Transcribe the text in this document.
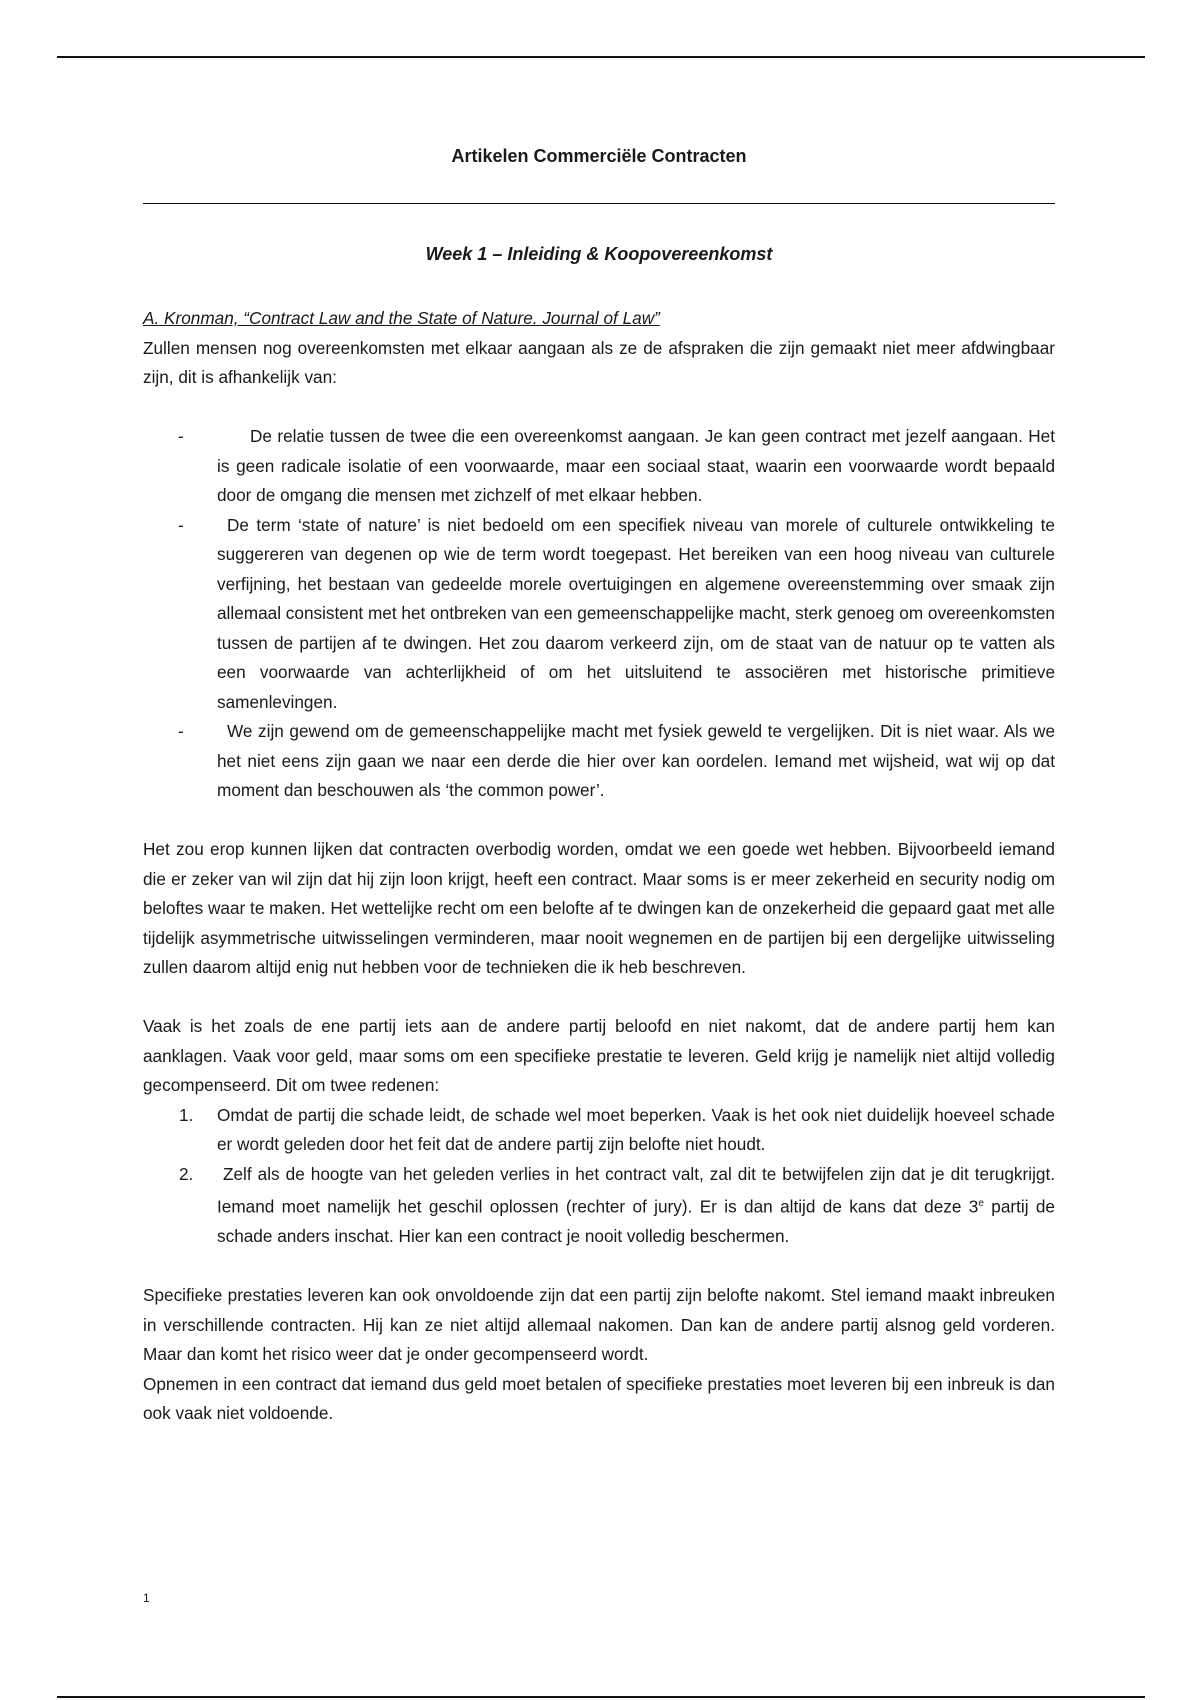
Artikelen Commerciële Contracten
Week 1 – Inleiding & Koopovereenkomst

A. Kronman, “Contract Law and the State of Nature. Journal of Law”

Zullen mensen nog overeenkomsten met elkaar aangaan als ze de afspraken die zijn gemaakt niet meer afdwingbaar zijn, dit is afhankelijk van:

-	De relatie tussen de twee die een overeenkomst aangaan. Je kan geen contract met jezelf aangaan. Het is geen radicale isolatie of een voorwaarde, maar een sociaal staat, waarin een voorwaarde wordt bepaald door de omgang die mensen met zichzelf of met elkaar hebben.
-	De term ‘state of nature’ is niet bedoeld om een specifiek niveau van morele of culturele ontwikkeling te suggereren van degenen op wie de term wordt toegepast. Het bereiken van een hoog niveau van culturele verfijning, het bestaan van gedeelde morele overtuigingen en algemene overeenstemming over smaak zijn allemaal consistent met het ontbreken van een gemeenschappelijke macht, sterk genoeg om overeenkomsten tussen de partijen af te dwingen. Het zou daarom verkeerd zijn, om de staat van de natuur op te vatten als een voorwaarde van achterlijkheid of om het uitsluitend te associëren met historische primitieve samenlevingen.
-	We zijn gewend om de gemeenschappelijke macht met fysiek geweld te vergelijken. Dit is niet waar. Als we het niet eens zijn gaan we naar een derde die hier over kan oordelen. Iemand met wijsheid, wat wij op dat moment dan beschouwen als ‘the common power’.

Het zou erop kunnen lijken dat contracten overbodig worden, omdat we een goede wet hebben. Bijvoorbeeld iemand die er zeker van wil zijn dat hij zijn loon krijgt, heeft een contract. Maar soms is er meer zekerheid en security nodig om beloftes waar te maken. Het wettelijke recht om een belofte af te dwingen kan de onzekerheid die gepaard gaat met alle tijdelijk asymmetrische uitwisselingen verminderen, maar nooit wegnemen en de partijen bij een dergelijke uitwisseling zullen daarom altijd enig nut hebben voor de technieken die ik heb beschreven.

Vaak is het zoals de ene partij iets aan de andere partij beloofd en niet nakomt, dat de andere partij hem kan aanklagen. Vaak voor geld, maar soms om een specifieke prestatie te leveren. Geld krijg je namelijk niet altijd volledig gecompenseerd. Dit om twee redenen:

1. Omdat de partij die schade leidt, de schade wel moet beperken. Vaak is het ook niet duidelijk hoeveel schade er wordt geleden door het feit dat de andere partij zijn belofte niet houdt.
2. Zelf als de hoogte van het geleden verlies in het contract valt, zal dit te betwijfelen zijn dat je dit terugkrijgt. Iemand moet namelijk het geschil oplossen (rechter of jury). Er is dan altijd de kans dat deze 3e partij de schade anders inschat. Hier kan een contract je nooit volledig beschermen.

Specifieke prestaties leveren kan ook onvoldoende zijn dat een partij zijn belofte nakomt. Stel iemand maakt inbreuken in verschillende contracten. Hij kan ze niet altijd allemaal nakomen. Dan kan de andere partij alsnog geld vorderen. Maar dan komt het risico weer dat je onder gecompenseerd wordt.

Opnemen in een contract dat iemand dus geld moet betalen of specifieke prestaties moet leveren bij een inbreuk is dan ook vaak niet voldoende.

1
